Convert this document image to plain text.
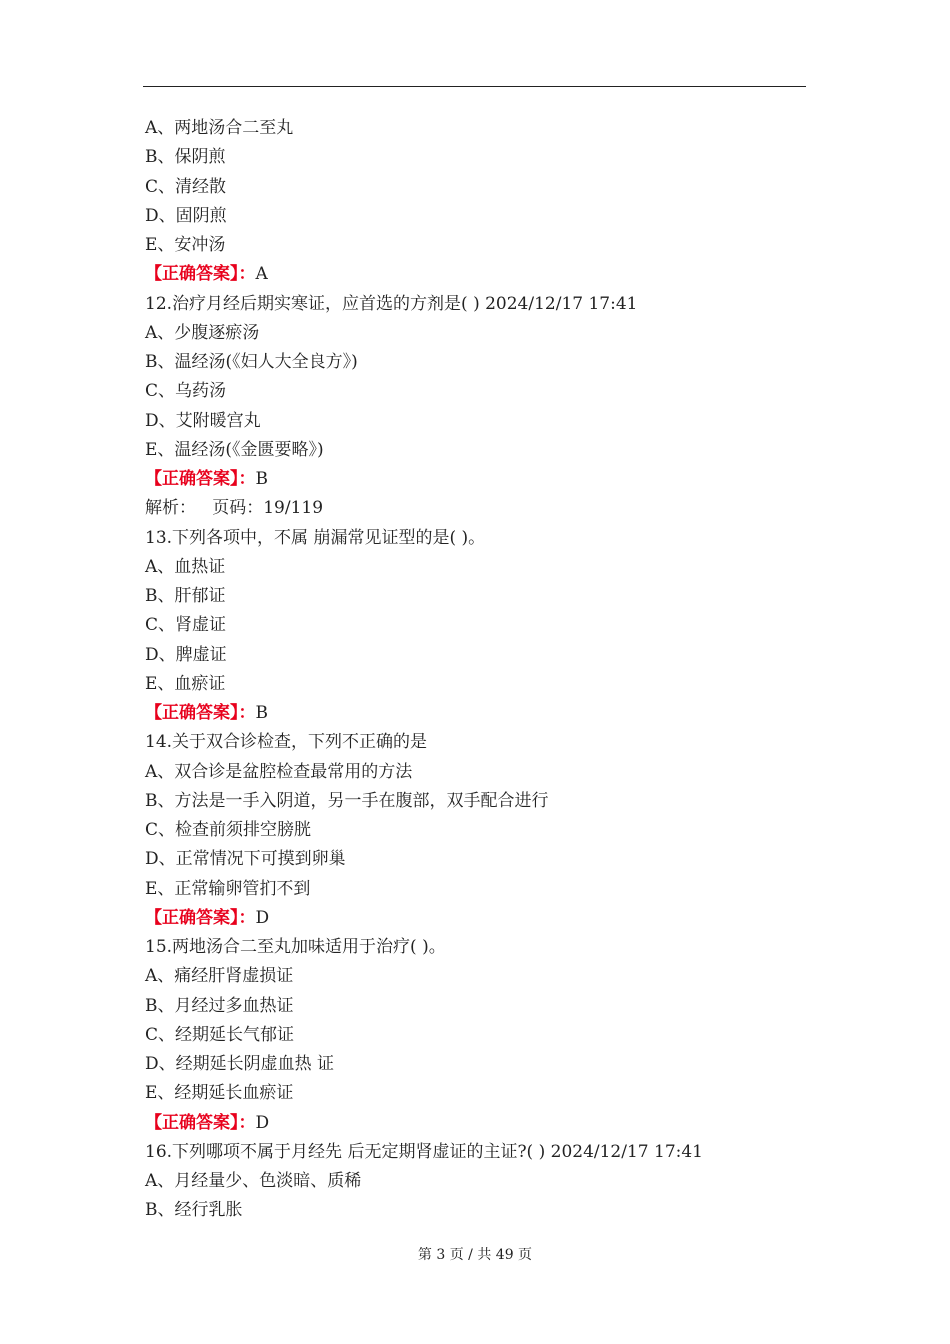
A、两地汤合二至丸
B、保阴煎
C、清经散
D、固阴煎
E、安冲汤
【正确答案】：A
12.治疗月经后期实寒证，应首选的方剂是( ) 2024/12/17 17:41
A、少腹逐瘀汤
B、温经汤(《妇人大全良方》)
C、乌药汤
D、艾附暖宫丸
E、温经汤(《金匮要略》)
【正确答案】：B
解析：   页码：19/119
13.下列各项中，不属 崩漏常见证型的是( )。
A、血热证
B、肝郁证
C、肾虚证
D、脾虚证
E、血瘀证
【正确答案】：B
14.关于双合诊检查，下列不正确的是
A、双合诊是盆腔检查最常用的方法
B、方法是一手入阴道，另一手在腹部，双手配合进行
C、检查前须排空膀胱
D、正常情况下可摸到卵巢
E、正常输卵管扪不到
【正确答案】：D
15.两地汤合二至丸加味适用于治疗( )。
A、痛经肝肾虚损证
B、月经过多血热证
C、经期延长气郁证
D、经期延长阴虚血热 证
E、经期延长血瘀证
【正确答案】：D
16.下列哪项不属于月经先 后无定期肾虚证的主证?( ) 2024/12/17 17:41
A、月经量少、色淡暗、质稀
B、经行乳胀
第 3 页 / 共 49 页
